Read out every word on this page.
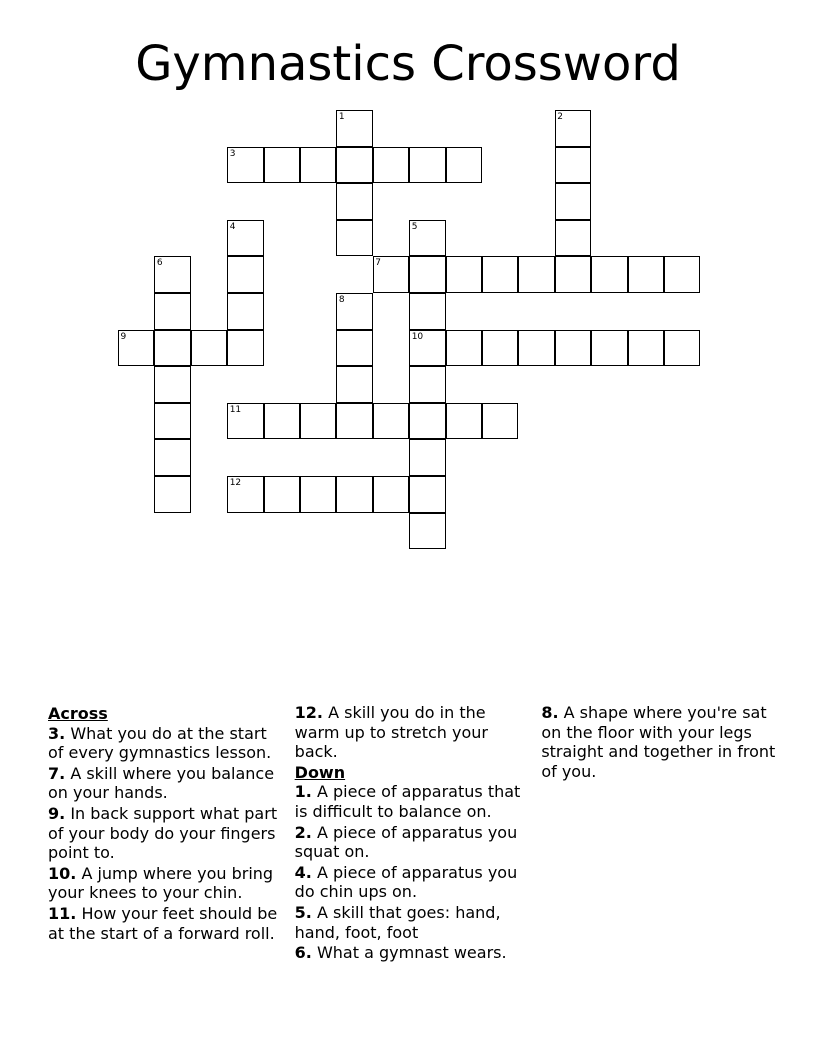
Gymnastics Crossword
1	2
3
4	5
6	7
8
9	10
11
12
Across
3. What you do at the start of every gymnastics lesson.
7. A skill where you balance on your hands.
9. In back support what part of your body do your fingers point to.
10. A jump where you bring your knees to your chin.
11. How your feet should be at the start of a forward roll.
12. A skill you do in the warm up to stretch your back.
Down
1. A piece of apparatus that is difficult to balance on.
2. A piece of apparatus you squat on.
4. A piece of apparatus you do chin ups on.
5. A skill that goes: hand, hand, foot, foot
6. What a gymnast wears.
8. A shape where you're sat on the floor with your legs straight and together in front of you.
